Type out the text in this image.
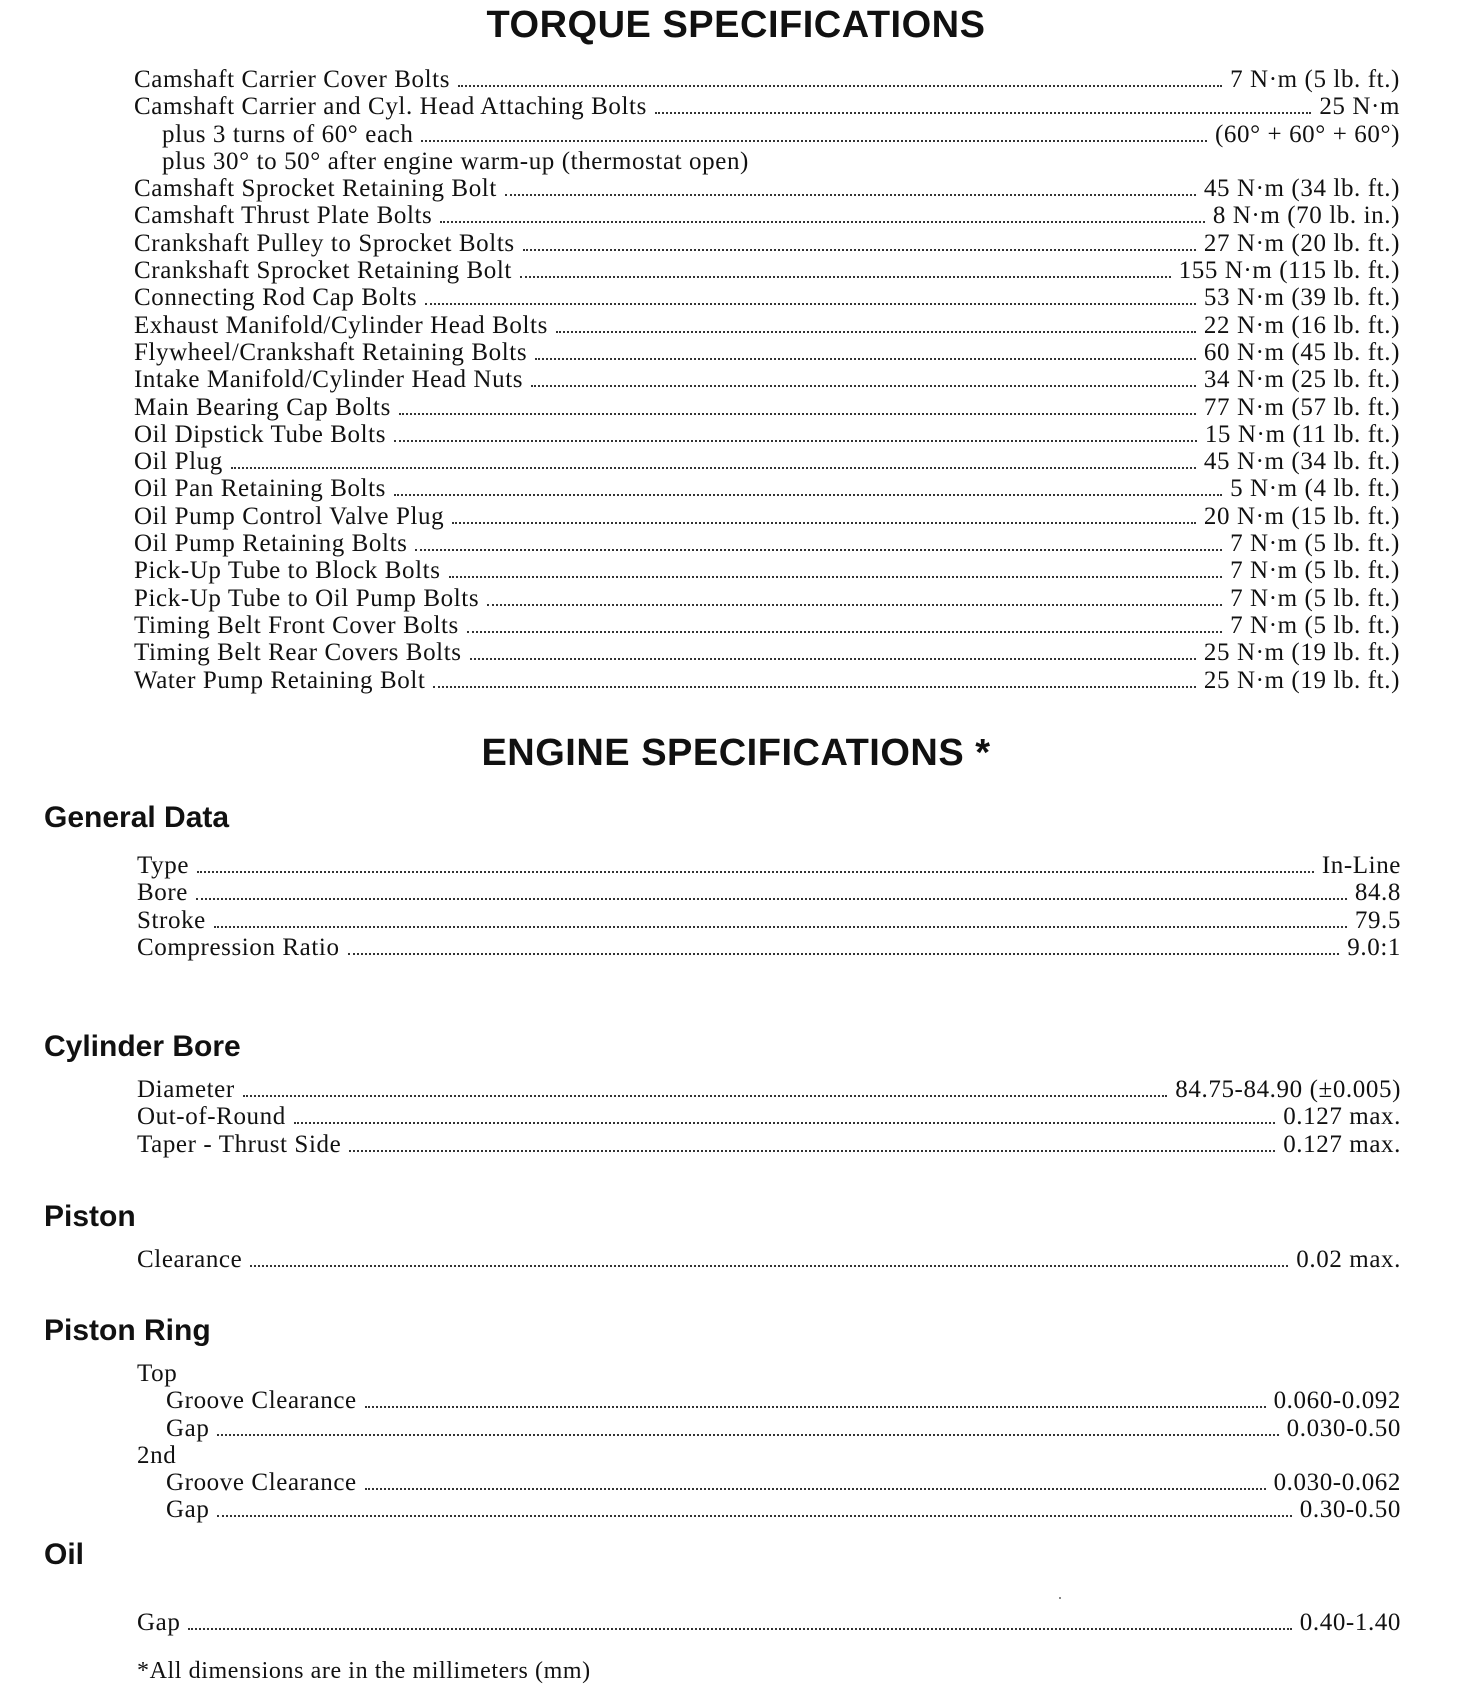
TORQUE SPECIFICATIONS
Camshaft Carrier Cover Bolts	7 N·m (5 lb. ft.)
Camshaft Carrier and Cyl. Head Attaching Bolts	25 N·m
plus 3 turns of 60° each	(60° + 60° + 60°)
plus 30° to 50° after engine warm-up (thermostat open)
Camshaft Sprocket Retaining Bolt	45 N·m (34 lb. ft.)
Camshaft Thrust Plate Bolts	8 N·m (70 lb. in.)
Crankshaft Pulley to Sprocket Bolts	27 N·m (20 lb. ft.)
Crankshaft Sprocket Retaining Bolt	155 N·m (115 lb. ft.)
Connecting Rod Cap Bolts	53 N·m (39 lb. ft.)
Exhaust Manifold/Cylinder Head Bolts	22 N·m (16 lb. ft.)
Flywheel/Crankshaft Retaining Bolts	60 N·m (45 lb. ft.)
Intake Manifold/Cylinder Head Nuts	34 N·m (25 lb. ft.)
Main Bearing Cap Bolts	77 N·m (57 lb. ft.)
Oil Dipstick Tube Bolts	15 N·m (11 lb. ft.)
Oil Plug	45 N·m (34 lb. ft.)
Oil Pan Retaining Bolts	5 N·m (4 lb. ft.)
Oil Pump Control Valve Plug	20 N·m (15 lb. ft.)
Oil Pump Retaining Bolts	7 N·m (5 lb. ft.)
Pick-Up Tube to Block Bolts	7 N·m (5 lb. ft.)
Pick-Up Tube to Oil Pump Bolts	7 N·m (5 lb. ft.)
Timing Belt Front Cover Bolts	7 N·m (5 lb. ft.)
Timing Belt Rear Covers Bolts	25 N·m (19 lb. ft.)
Water Pump Retaining Bolt	25 N·m (19 lb. ft.)
ENGINE SPECIFICATIONS *
General Data
Type	In-Line
Bore	84.8
Stroke	79.5
Compression Ratio	9.0:1
Cylinder Bore
Diameter	84.75-84.90 (±0.005)
Out-of-Round	0.127 max.
Taper - Thrust Side	0.127 max.
Piston
Clearance	0.02 max.
Piston Ring
Top
Groove Clearance	0.060-0.092
Gap	0.030-0.50
2nd
Groove Clearance	0.030-0.062
Gap	0.30-0.50
Oil
Gap	0.40-1.40

*All dimensions are in the millimeters (mm)
